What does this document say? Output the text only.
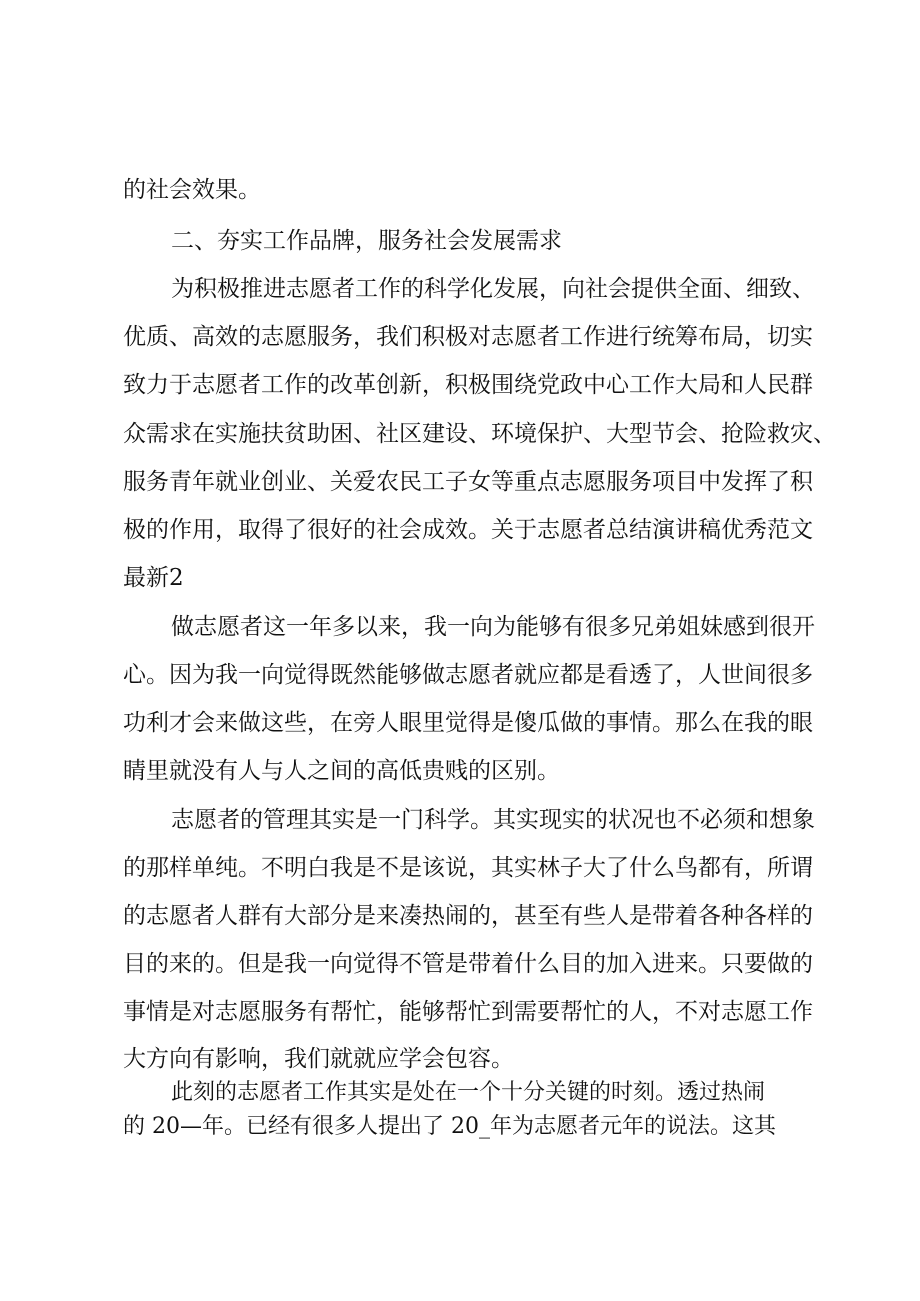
的社会效果。

二、夯实工作品牌，服务社会发展需求

为积极推进志愿者工作的科学化发展，向社会提供全面、细致、

优质、高效的志愿服务，我们积极对志愿者工作进行统筹布局，切实

致力于志愿者工作的改革创新，积极围绕党政中心工作大局和人民群

众需求在实施扶贫助困、社区建设、环境保护、大型节会、抢险救灾、

服务青年就业创业、关爱农民工子女等重点志愿服务项目中发挥了积

极的作用，取得了很好的社会成效。关于志愿者总结演讲稿优秀范文

最新2

做志愿者这一年多以来，我一向为能够有很多兄弟姐妹感到很开

心。因为我一向觉得既然能够做志愿者就应都是看透了，人世间很多

功利才会来做这些，在旁人眼里觉得是傻瓜做的事情。那么在我的眼

睛里就没有人与人之间的高低贵贱的区别。

志愿者的管理其实是一门科学。其实现实的状况也不必须和想象

的那样单纯。不明白我是不是该说，其实林子大了什么鸟都有，所谓

的志愿者人群有大部分是来凑热闹的，甚至有些人是带着各种各样的

目的来的。但是我一向觉得不管是带着什么目的加入进来。只要做的

事情是对志愿服务有帮忙，能够帮忙到需要帮忙的人，不对志愿工作

大方向有影响，我们就就应学会包容。

此刻的志愿者工作其实是处在一个十分关键的时刻。透过热闹

的 20—年。已经有很多人提出了 20_年为志愿者元年的说法。这其
